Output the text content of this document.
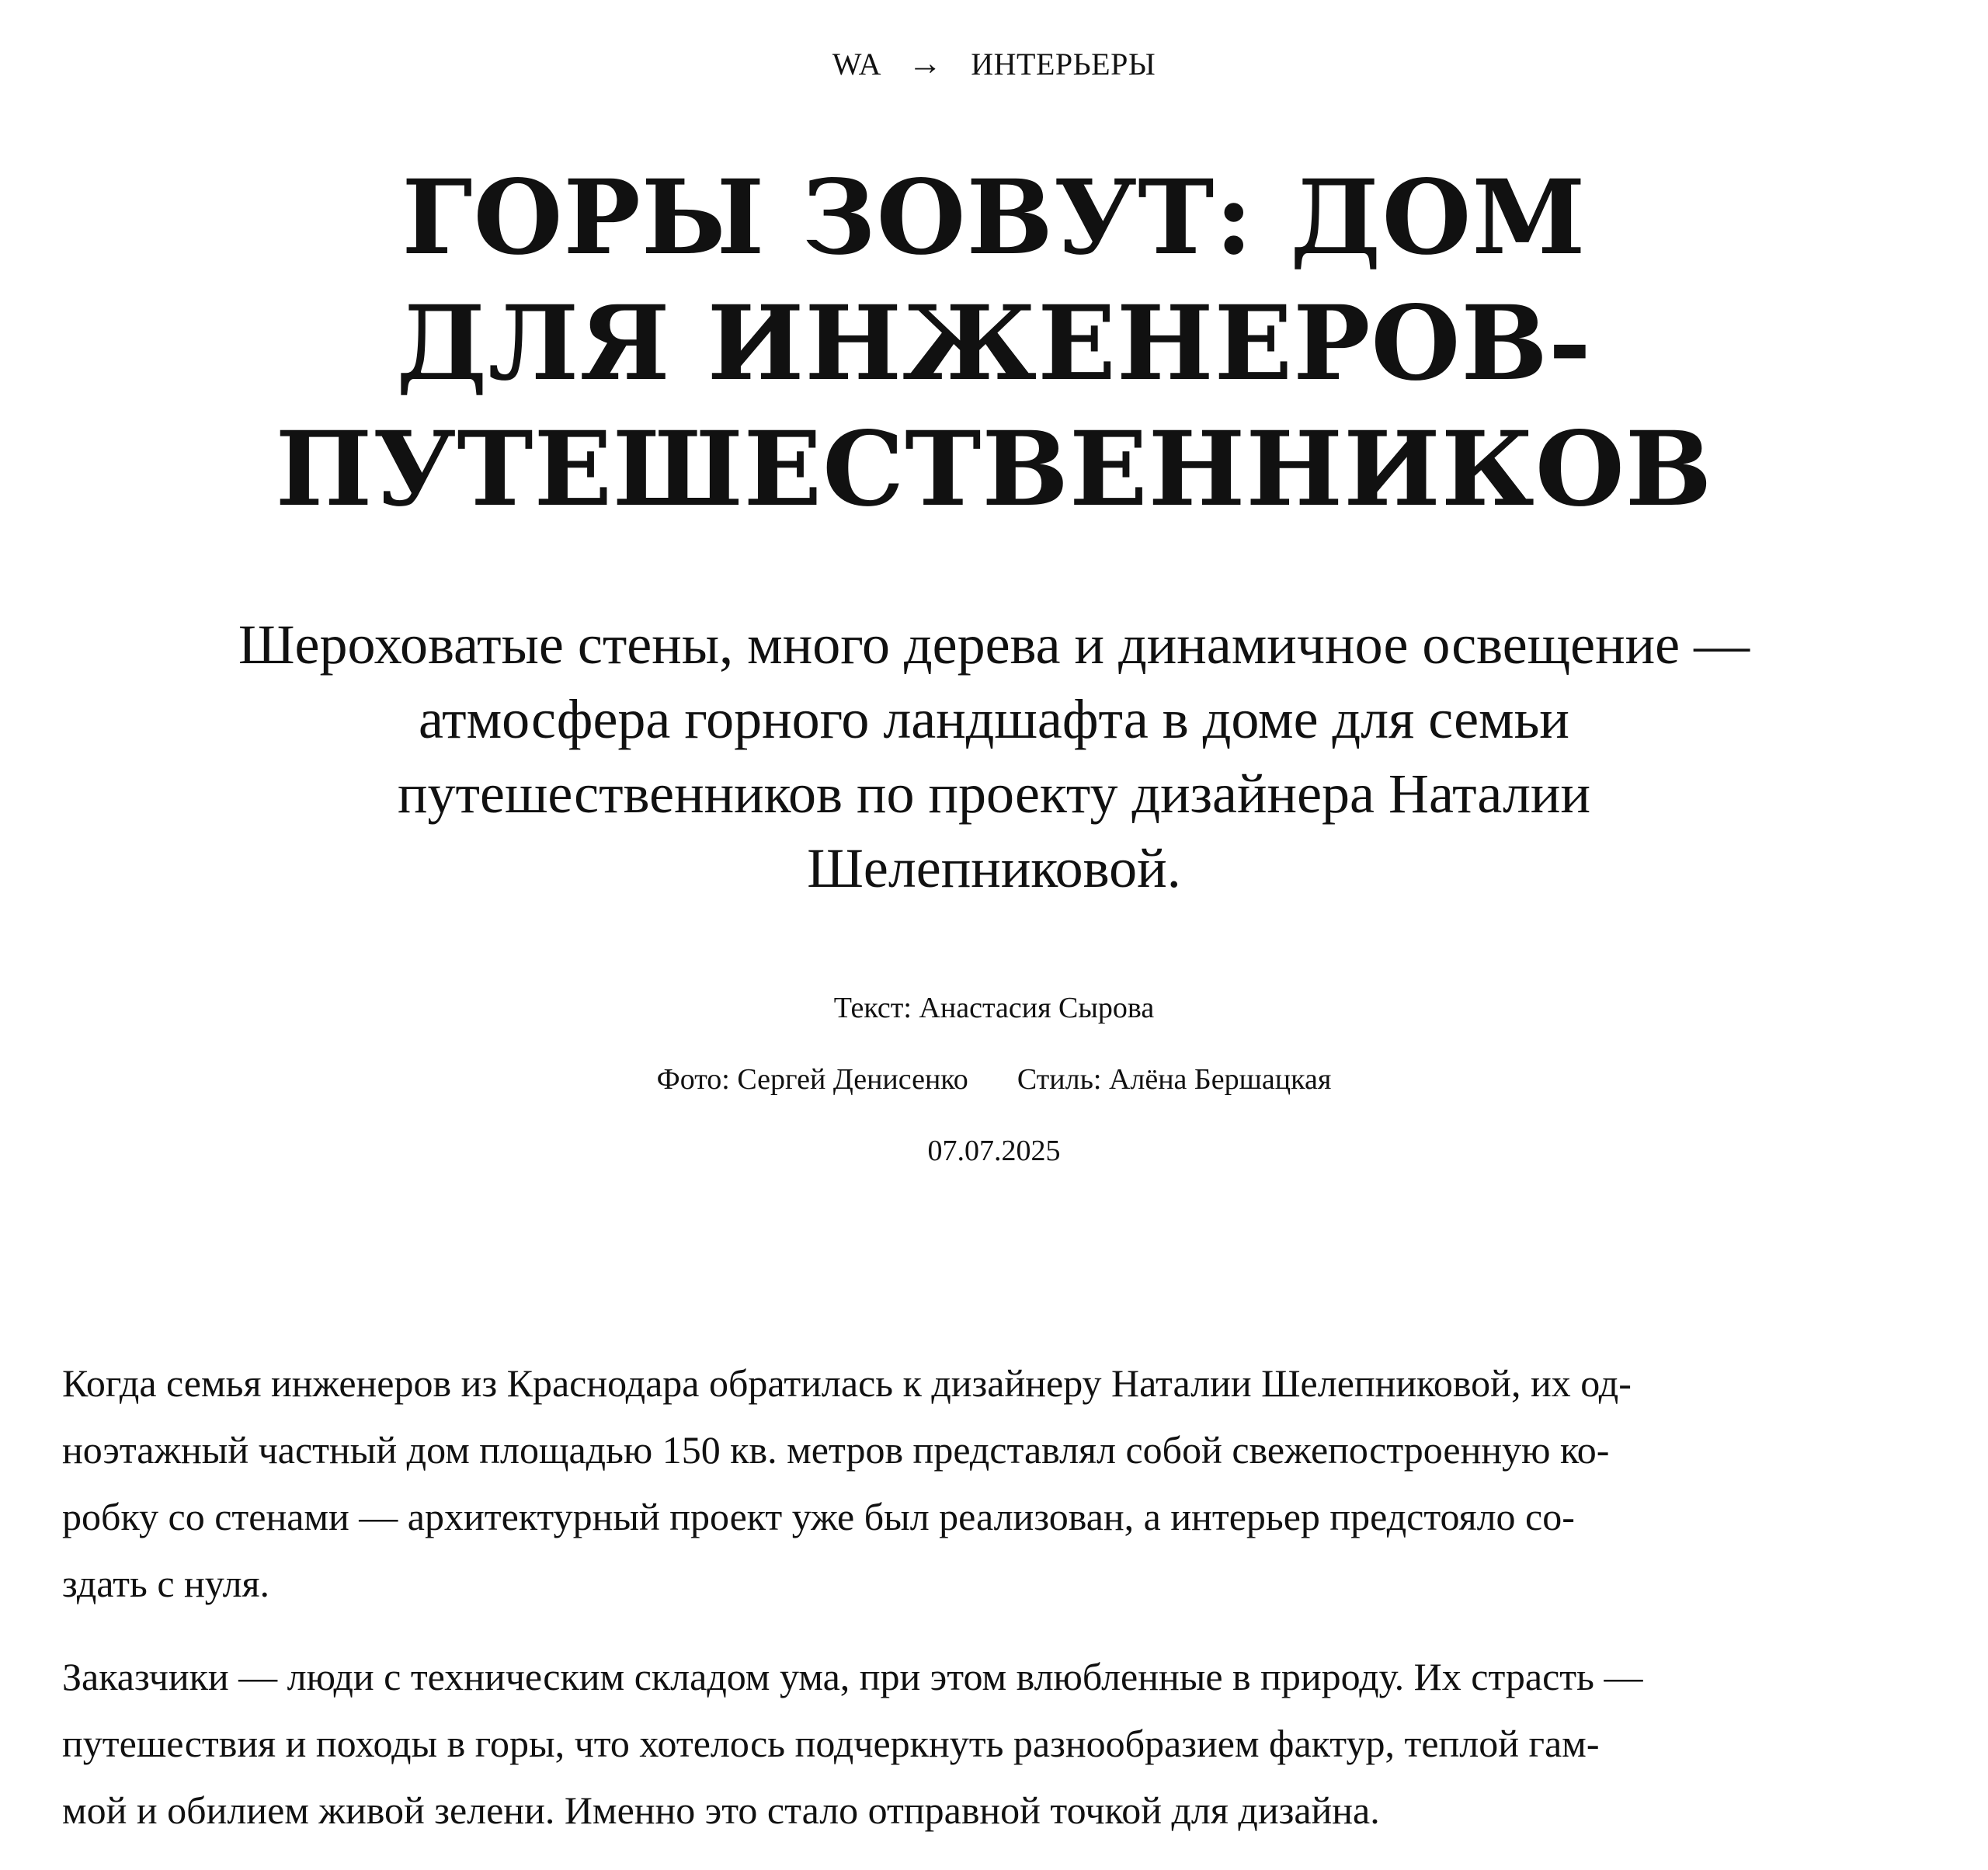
WA → ИНТЕРЬЕРЫ
ГОРЫ ЗОВУТ: ДОМ
ДЛЯ ИНЖЕНЕРОВ-
ПУТЕШЕСТВЕННИКОВ

Шероховатые стены, много дерева и динамичное освещение —
атмосфера горного ландшафта в доме для семьи
путешественников по проекту дизайнера Наталии
Шелепниковой.

Текст: Анастасия Сырова
Фото: Сергей Денисенко Стиль: Алёна Бершацкая
07.07.2025

Когда семья инженеров из Краснодара обратилась к дизайнеру Наталии Шелепниковой, их од-
ноэтажный частный дом площадью 150 кв. метров представлял собой свежепостроенную ко-
робку со стенами — архитектурный проект уже был реализован, а интерьер предстояло со-
здать с нуля.

Заказчики — люди с техническим складом ума, при этом влюбленные в природу. Их страсть —
путешествия и походы в горы, что хотелось подчеркнуть разнообразием фактур, теплой гам-
мой и обилием живой зелени. Именно это стало отправной точкой для дизайна.
